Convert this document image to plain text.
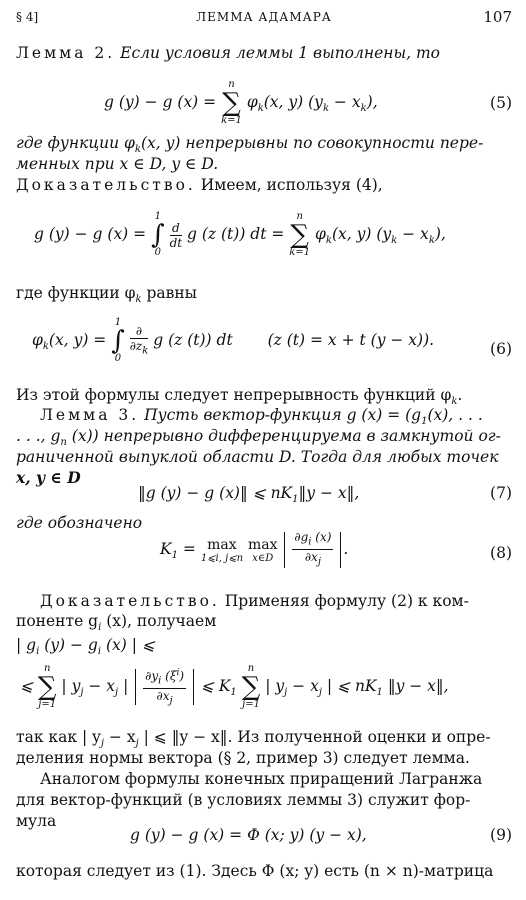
§ 4]	ЛЕММА АДАМАРА	107
Лемма 2. Если условия леммы 1 выполнены, то
g (y) − g (x) =
n
∑
k=1
$\varphi_k(x$, y) $(y_k - x_k)$,	(5)
где функции $\varphi_k(x$, y) непрерывны по совокупности пере-
менных при x ∈ D, y ∈ D.
Доказательство. Имеем, используя (4),
g (y) − g (x) =
1
∫
0

$\frac{d}{dt}$ g (z (t)) dt =
n
∑
k=1
$\varphi_k(x$, y) $(y_k - x_k)$,
где функции $\varphi_k$ равны
$\varphi_k(x$, y) =
1
∫
0

$\frac{\partial}{\partial z_k}$ g (z (t)) dt (z (t) = x + t (y − x)).	(6)
Из этой формулы следует непрерывность функций $\varphi_k$.
Лемма 3. Пусть вектор-функция g $(x) = (g_1(x)$, . . .
. . ., $g_n$ (x)) непрерывно дифференцируема в замкнутой ог-
раниченной выпуклой области D. Тогда для любых точек
x, y ∈ D
‖g (y) − g (x)‖ ⩽ $nK_1‖y$ − x‖,	(7)
где обозначено
$K_1 = \max$
1⩽i, j⩽n

max
x∈D
	$\frac{\partial g_i (x)}{\partial x_j}$ .	(8)
Доказательство. Применяя формулу (2) к ком-
поненте $g_i$ (x), получаем
| $g_i$ $(y) - g_i$ (x) | ⩽
⩽
n
∑
j=1
| $y_j - x_j$ | $\frac{\partial y_i (\xi^i)}{\partial x_j}$ ⩽ $K_1$
n
∑
j=1
| $y_j - x_j$ | ⩽ $nK_1$ ‖y − x‖,
так как | $y_j - x_j$ | ⩽ ‖y − x‖. Из полученной оценки и опре-
деления нормы вектора (§ 2, пример 3) следует лемма.
Аналогом формулы конечных приращений Лагранжа
для вектор-функций (в условиях леммы 3) служит фор-
мула
g (y) − g (x) = Φ (x; y) (y − x),	(9)
которая следует из (1). Здесь Φ (x; y) есть (n × n)-матрица
